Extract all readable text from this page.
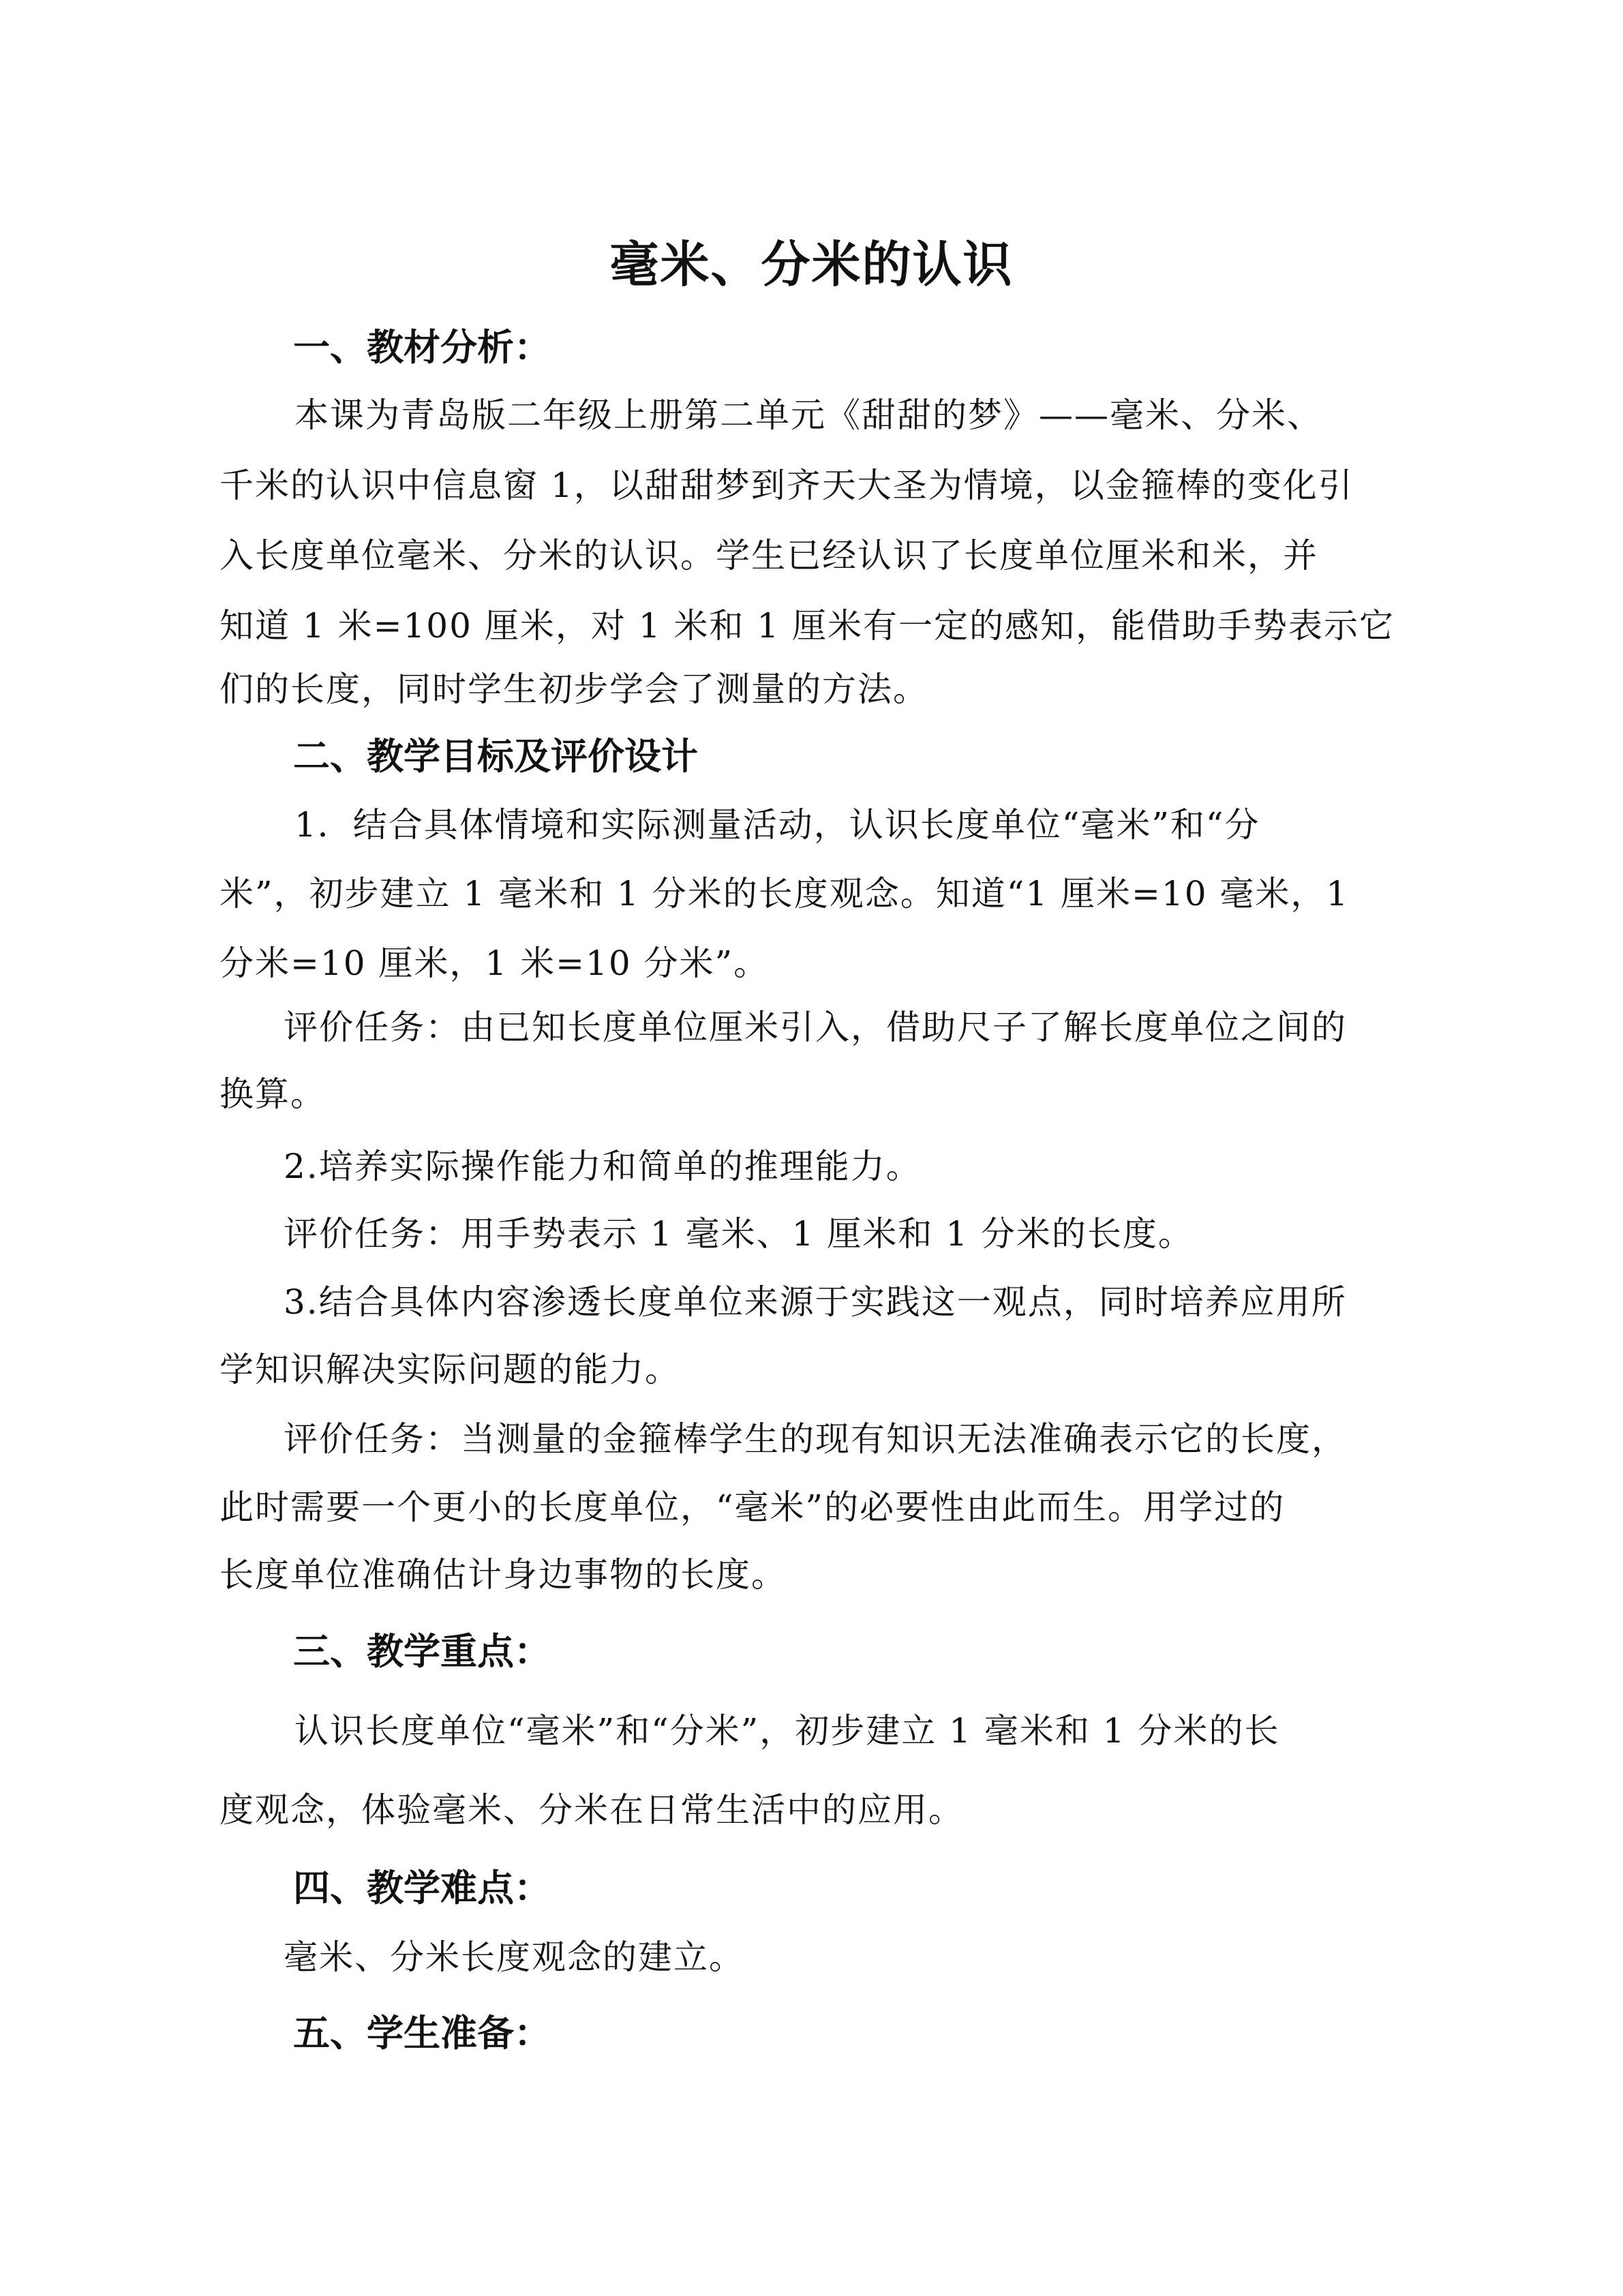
毫米、分米的认识
一、教材分析：

本课为青岛版二年级上册第二单元《甜甜的梦》——毫米、分米、

千米的认识中信息窗 1，以甜甜梦到齐天大圣为情境，以金箍棒的变化引

入长度单位毫米、分米的认识。学生已经认识了长度单位厘米和米，并

知道 1 米=100 厘米，对 1 米和 1 厘米有一定的感知，能借助手势表示它

们的长度，同时学生初步学会了测量的方法。

二、教学目标及评价设计

1．结合具体情境和实际测量活动，认识长度单位“毫米”和“分

米”，初步建立 1 毫米和 1 分米的长度观念。知道“1 厘米=10 毫米，1

分米=10 厘米，1 米=10 分米”。

评价任务：由已知长度单位厘米引入，借助尺子了解长度单位之间的

换算。

2.培养实际操作能力和简单的推理能力。

评价任务：用手势表示 1 毫米、1 厘米和 1 分米的长度。

3.结合具体内容渗透长度单位来源于实践这一观点，同时培养应用所

学知识解决实际问题的能力。

评价任务：当测量的金箍棒学生的现有知识无法准确表示它的长度，

此时需要一个更小的长度单位，“毫米”的必要性由此而生。用学过的

长度单位准确估计身边事物的长度。

三、教学重点：

认识长度单位“毫米”和“分米”，初步建立 1 毫米和 1 分米的长

度观念，体验毫米、分米在日常生活中的应用。

四、教学难点：

毫米、分米长度观念的建立。

五、学生准备：
